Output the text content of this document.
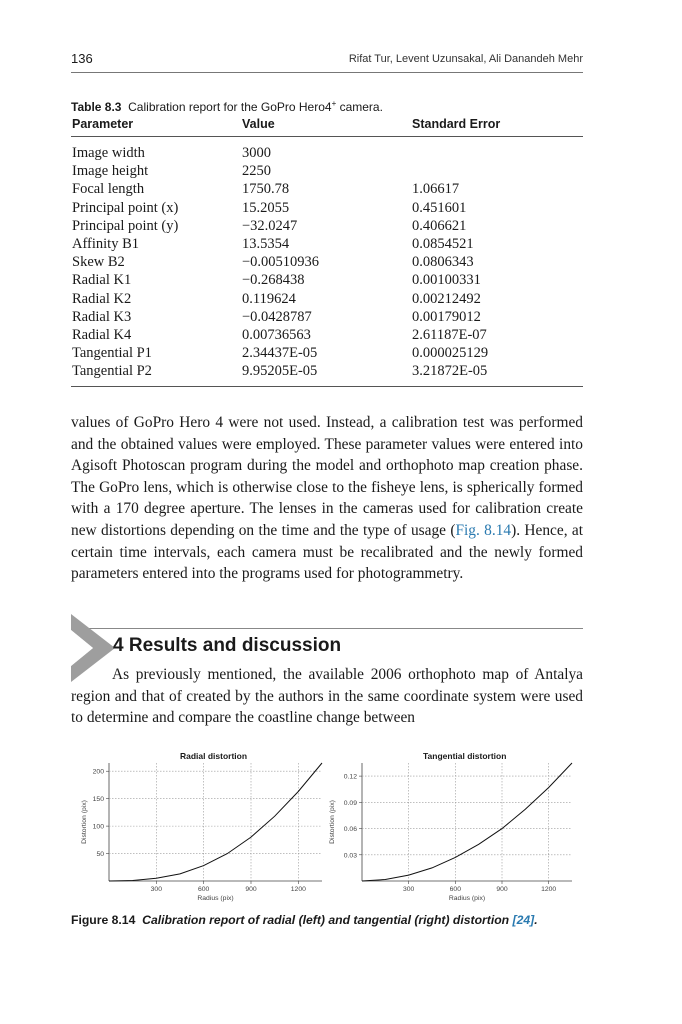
136	Rifat Tur, Levent Uzunsakal, Ali Danandeh Mehr
Table 8.3 Calibration report for the GoPro Hero4+ camera.
Parameter	Value	Standard Error
Image width	3000
Image height	2250
Focal length	1750.78	1.06617
Principal point (x)	15.2055	0.451601
Principal point (y)	−32.0247	0.406621
Affinity B1	13.5354	0.0854521
Skew B2	−0.00510936	0.0806343
Radial K1	−0.268438	0.00100331
Radial K2	0.119624	0.00212492
Radial K3	−0.0428787	0.00179012
Radial K4	0.00736563	2.61187E-07
Tangential P1	2.34437E-05	0.000025129
Tangential P2	9.95205E-05	3.21872E-05

values of GoPro Hero 4 were not used. Instead, a calibration test was performed and the obtained values were employed. These parameter values were entered into Agisoft Photoscan program during the model and orthophoto map creation phase. The GoPro lens, which is otherwise close to the fisheye lens, is spherically formed with a 170 degree aperture. The lenses in the cameras used for calibration create new distortions depending on the time and the type of usage (Fig. 8.14). Hence, at certain time intervals, each camera must be recalibrated and the newly formed parameters entered into the programs used for photogrammetry.

4 Results and discussion

As previously mentioned, the available 2006 orthophoto map of Antalya region and that of created by the authors in the same coordinate system were used to determine and compare the coastline change between

Radial distortion	Tangential distortion
50
100
150
200
300	600	900	1200
Radius (pix)
Distortion (pix)
0.03
0.06
0.09
0.12
300	600	900	1200
Radius (pix)
Distortion (pix)
Figure 8.14 Calibration report of radial (left) and tangential (right) distortion [24].
